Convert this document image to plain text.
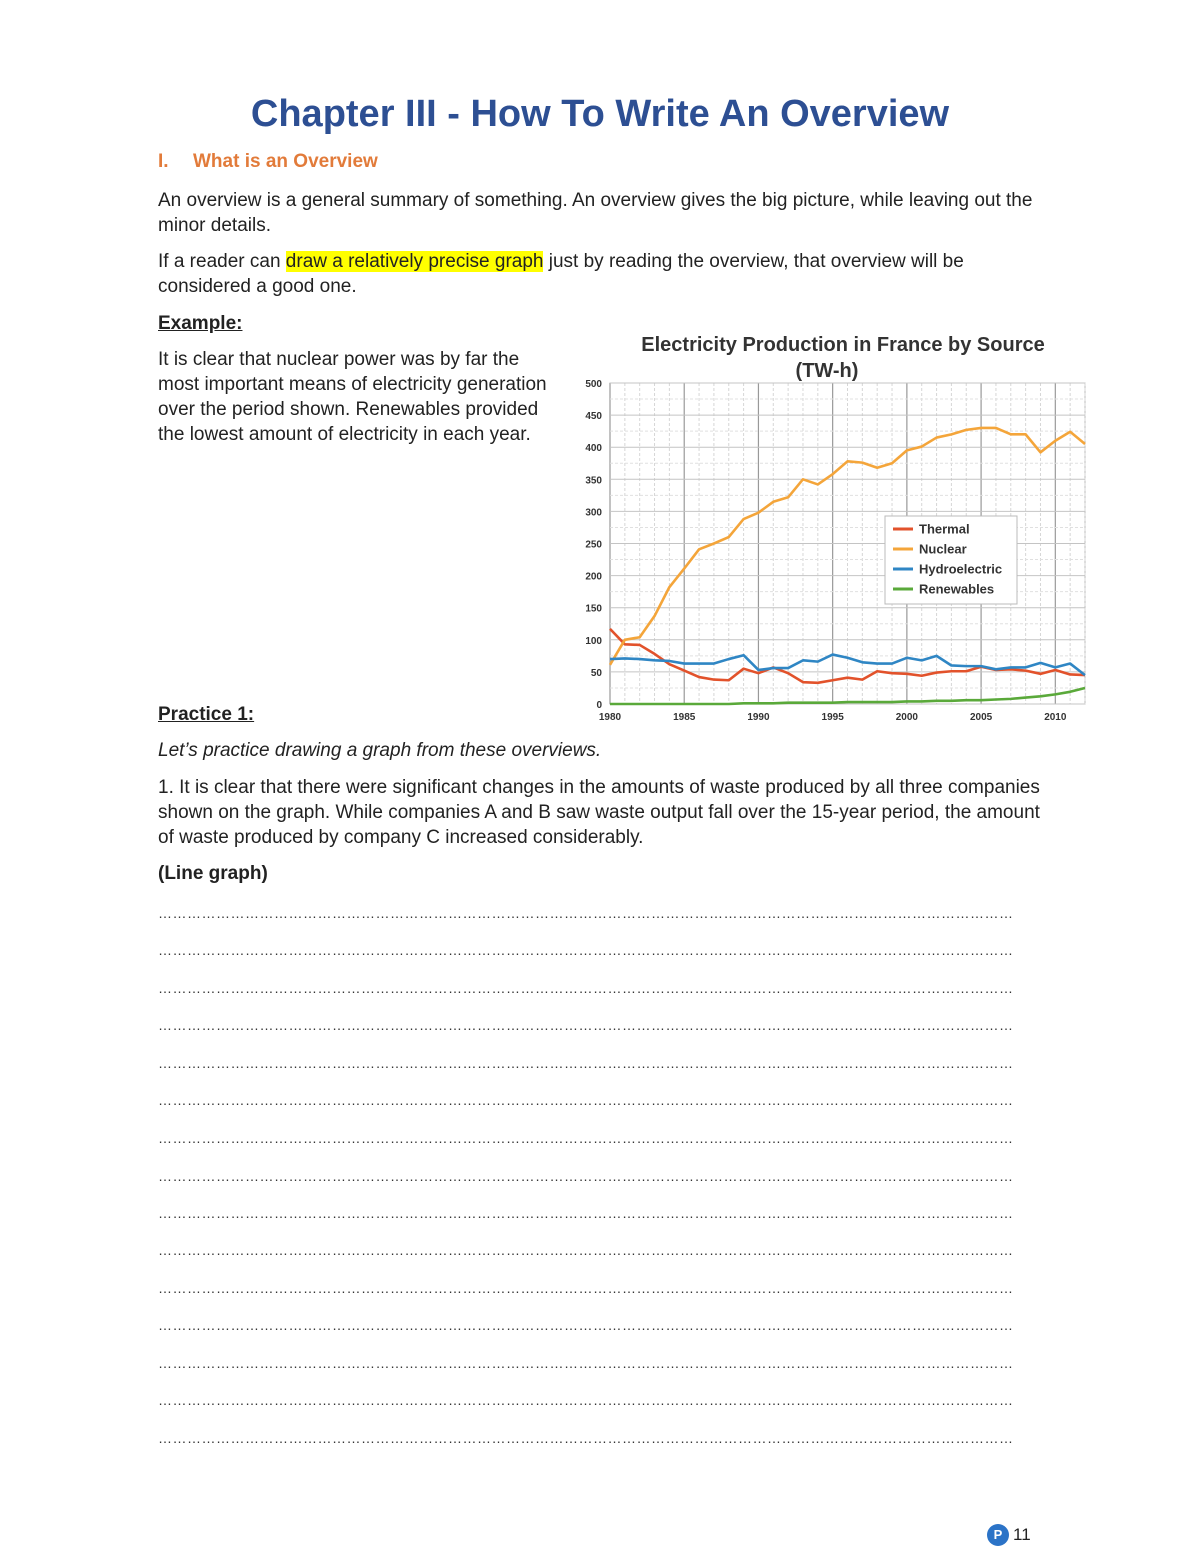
Chapter III - How To Write An Overview
I. What is an Overview
An overview is a general summary of something. An overview gives the big picture, while leaving out the minor details.
If a reader can draw a relatively precise graph just by reading the overview, that overview will be considered a good one.
Example:
It is clear that nuclear power was by far the most important means of electricity generation over the period shown. Renewables provided the lowest amount of electricity in each year.
Electricity Production in France by Source
(TW-h)
0
50
100
150
200
250
300
350
400
450
500
1980	1985	1990	1995	2000	2005	2010
Thermal
Nuclear
Hydroelectric
Renewables
Practice 1:
Let’s practice drawing a graph from these overviews.
1. It is clear that there were significant changes in the amounts of waste produced by all three companies shown on the graph. While companies A and B saw waste output fall over the 15-year period, the amount of waste produced by company C increased considerably.
(Line graph)
……………………………………………………………………………………………………………………………………………………………
……………………………………………………………………………………………………………………………………………………………
……………………………………………………………………………………………………………………………………………………………
……………………………………………………………………………………………………………………………………………………………
……………………………………………………………………………………………………………………………………………………………
……………………………………………………………………………………………………………………………………………………………
……………………………………………………………………………………………………………………………………………………………
……………………………………………………………………………………………………………………………………………………………
……………………………………………………………………………………………………………………………………………………………
……………………………………………………………………………………………………………………………………………………………
……………………………………………………………………………………………………………………………………………………………
……………………………………………………………………………………………………………………………………………………………
……………………………………………………………………………………………………………………………………………………………
……………………………………………………………………………………………………………………………………………………………
……………………………………………………………………………………………………………………………………………………………
P 11
